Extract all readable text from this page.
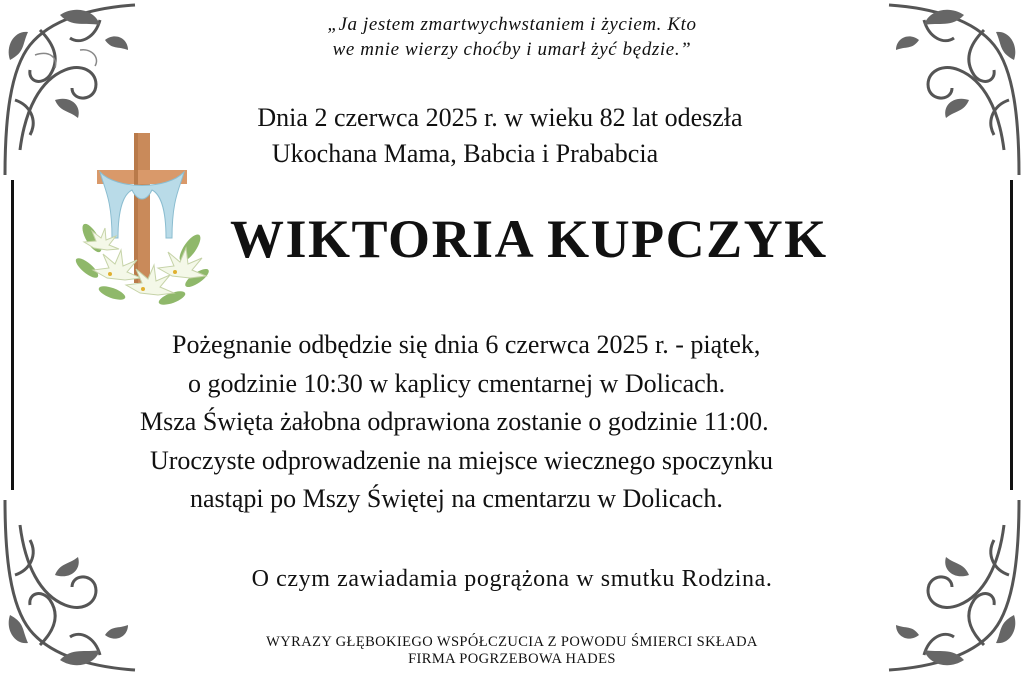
„Ja jestem zmartwychwstaniem i życiem. Kto
we mnie wierzy choćby i umarł żyć będzie.”
Dnia 2 czerwca 2025 r. w wieku 82 lat odeszła
Ukochana Mama, Babcia i Prababcia
WIKTORIA KUPCZYK
Pożegnanie odbędzie się dnia 6 czerwca 2025 r. - piątek,
o godzinie 10:30 w kaplicy cmentarnej w Dolicach.
Msza Święta żałobna odprawiona zostanie o godzinie 11:00.
Uroczyste odprowadzenie na miejsce wiecznego spoczynku
nastąpi po Mszy Świętej na cmentarzu w Dolicach.
O czym zawiadamia pogrążona w smutku Rodzina.
WYRAZY GŁĘBOKIEGO WSPÓŁCZUCIA Z POWODU ŚMIERCI SKŁADA
FIRMA POGRZEBOWA HADES
